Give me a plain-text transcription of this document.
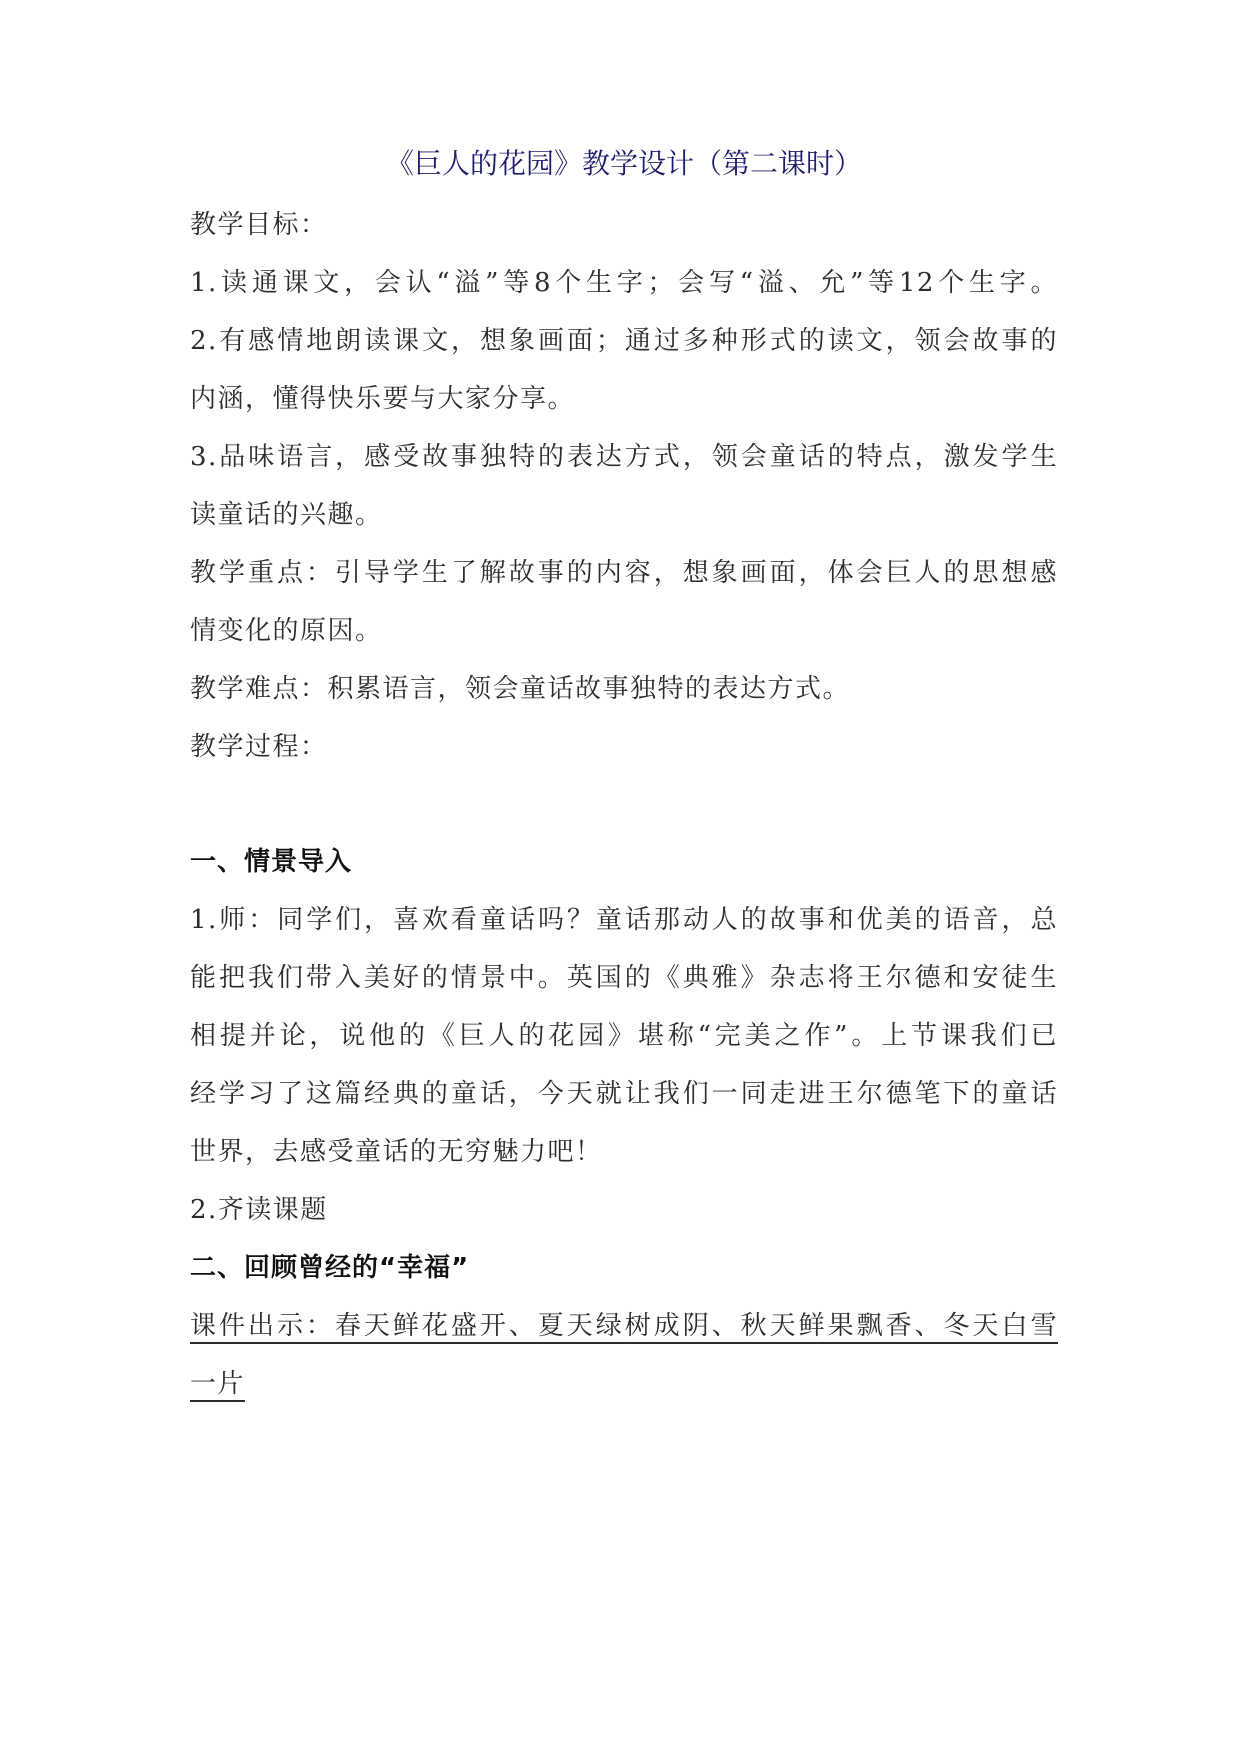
《巨人的花园》教学设计（第二课时）
教学目标：
1.读通课文，会认“溢”等8个生字；会写“溢、允”等12个生字。
2.有感情地朗读课文，想象画面；通过多种形式的读文，领会故事的
内涵，懂得快乐要与大家分享。
3.品味语言，感受故事独特的表达方式，领会童话的特点，激发学生
读童话的兴趣。
教学重点：引导学生了解故事的内容，想象画面，体会巨人的思想感
情变化的原因。
教学难点：积累语言，领会童话故事独特的表达方式。
教学过程：
一、情景导入
1.师：同学们，喜欢看童话吗？童话那动人的故事和优美的语音，总
能把我们带入美好的情景中。英国的《典雅》杂志将王尔德和安徒生
相提并论，说他的《巨人的花园》堪称“完美之作”。上节课我们已
经学习了这篇经典的童话，今天就让我们一同走进王尔德笔下的童话
世界，去感受童话的无穷魅力吧！
2.齐读课题
二、回顾曾经的“幸福”
课件出示：春天鲜花盛开、夏天绿树成阴、秋天鲜果飘香、冬天白雪
一片
